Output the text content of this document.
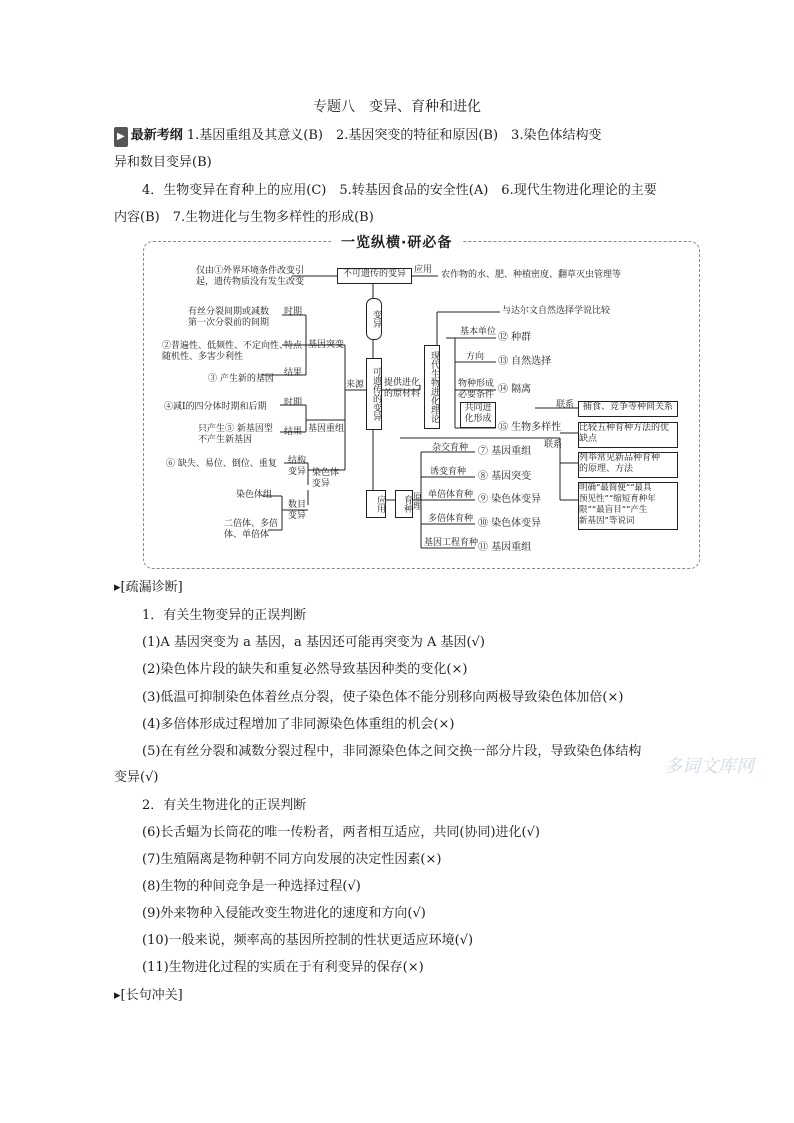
专题八　变异、育种和进化
▶ 最新考纲 1.基因重组及其意义(B)　2.基因突变的特征和原因(B)　3.染色体结构变
异和数目变异(B)
4．生物变异在育种上的应用(C)　5.转基因食品的安全性(A)　6.现代生物进化理论的主要
内容(B)　7.生物进化与生物多样性的形成(B)
一览纵横·研必备
仅由①外界环境条件改变引
起，遗传物质没有发生改变
不可遗传的变异 应用 农作物的水、肥、种植密度、翻草灭虫管理等
变异
可遗传的变异
有丝分裂间期或减数
第一次分裂前的间期
时期
②普遍性、低频性、不定向性、
随机性、多害少利性
特点 基因突变
③ 产生新的基因
结果
来源
④减Ⅰ的四分体时期和后期 时期
只产生⑤ 新基因型
不产生新基因
结果 基因重组
⑥ 缺失、易位、倒位、重复 结构
变异 染色体
变异
染色体组
数目
变异
二倍体、多倍
体、单倍体
提供进化
的原材料 现代生物进化理论
与达尔文自然选择学说比较
基本单位 ⑫ 种群
方向 ⑬ 自然选择
物种形成
必要条件 ⑭ 隔离
共同进
化形成
⑮ 生物多样性
联系 捕食、竞争等种间关系
联系
比较五种育种方法的优
缺点
列举常见新品种育种
的原理、方法
明确“最简便”“最具
预见性”“缩短育种年
限”“最盲目”“产生
新基因”等说词
应用	育种 原理
杂交育种 ⑦ 基因重组
诱变育种 ⑧ 基因突变
单倍体育种 ⑨ 染色体变异
多倍体育种 ⑩ 染色体变异
基因工程育种 ⑪ 基因重组
▸[疏漏诊断]
1．有关生物变异的正误判断
(1)A 基因突变为 a 基因，a 基因还可能再突变为 A 基因(√)
(2)染色体片段的缺失和重复必然导致基因种类的变化(×)
(3)低温可抑制染色体着丝点分裂，使子染色体不能分别移向两极导致染色体加倍(×)
(4)多倍体形成过程增加了非同源染色体重组的机会(×)
(5)在有丝分裂和减数分裂过程中，非同源染色体之间交换一部分片段，导致染色体结构
变异(√)
2．有关生物进化的正误判断
(6)长舌蝠为长筒花的唯一传粉者，两者相互适应，共同(协同)进化(√)
(7)生殖隔离是物种朝不同方向发展的决定性因素(×)
(8)生物的种间竞争是一种选择过程(√)
(9)外来物种入侵能改变生物进化的速度和方向(√)
(10)一般来说，频率高的基因所控制的性状更适应环境(√)
(11)生物进化过程的实质在于有利变异的保存(×)
▸[长句冲关]
多词文库网
